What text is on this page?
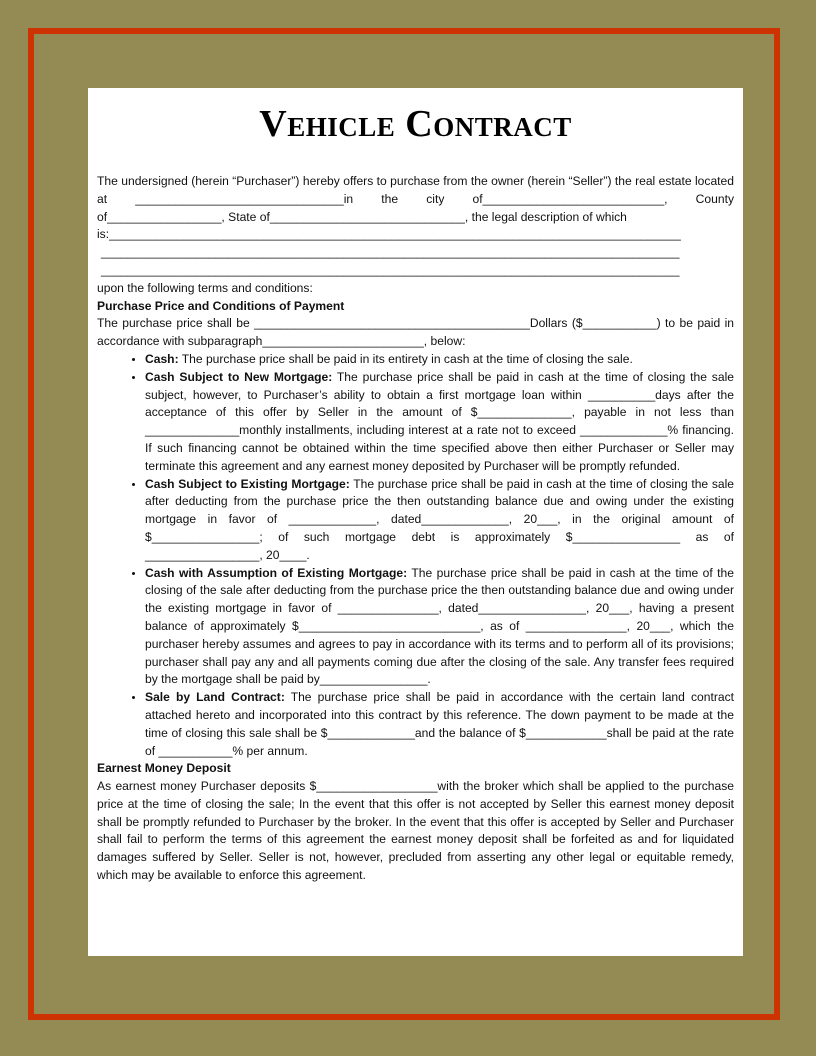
Vehicle Contract

The undersigned (herein “Purchaser”) hereby offers to purchase from the owner (herein “Seller”) the real estate located at _______________________________in the city of___________________________, County of_________________, State of_____________________________, the legal description of which

is:_____________________________________________________________________________________

______________________________________________________________________________________

______________________________________________________________________________________

upon the following terms and conditions:

Purchase Price and Conditions of Payment

The purchase price shall be _________________________________________Dollars ($___________) to be paid in accordance with subparagraph________________________, below:

• Cash: The purchase price shall be paid in its entirety in cash at the time of closing the sale.
• Cash Subject to New Mortgage: The purchase price shall be paid in cash at the time of closing the sale subject, however, to Purchaser’s ability to obtain a first mortgage loan within __________days after the acceptance of this offer by Seller in the amount of $______________, payable in not less than ______________monthly installments, including interest at a rate not to exceed _____________% financing. If such financing cannot be obtained within the time specified above then either Purchaser or Seller may terminate this agreement and any earnest money deposited by Purchaser will be promptly refunded.
• Cash Subject to Existing Mortgage: The purchase price shall be paid in cash at the time of closing the sale after deducting from the purchase price the then outstanding balance due and owing under the existing mortgage in favor of _____________, dated_____________, 20___, in the original amount of $________________; of such mortgage debt is approximately $________________ as of _________________, 20____.
• Cash with Assumption of Existing Mortgage: The purchase price shall be paid in cash at the time of the closing of the sale after deducting from the purchase price the then outstanding balance due and owing under the existing mortgage in favor of _______________, dated________________, 20___, having a present balance of approximately $___________________________, as of _______________, 20___, which the purchaser hereby assumes and agrees to pay in accordance with its terms and to perform all of its provisions; purchaser shall pay any and all payments coming due after the closing of the sale. Any transfer fees required by the mortgage shall be paid by________________.
• Sale by Land Contract: The purchase price shall be paid in accordance with the certain land contract attached hereto and incorporated into this contract by this reference. The down payment to be made at the time of closing this sale shall be $_____________and the balance of $____________shall be paid at the rate of ___________% per annum.

Earnest Money Deposit

As earnest money Purchaser deposits $__________________with the broker which shall be applied to the purchase price at the time of closing the sale; In the event that this offer is not accepted by Seller this earnest money deposit shall be promptly refunded to Purchaser by the broker. In the event that this offer is accepted by Seller and Purchaser shall fail to perform the terms of this agreement the earnest money deposit shall be forfeited as and for liquidated damages suffered by Seller. Seller is not, however, precluded from asserting any other legal or equitable remedy, which may be available to enforce this agreement.
